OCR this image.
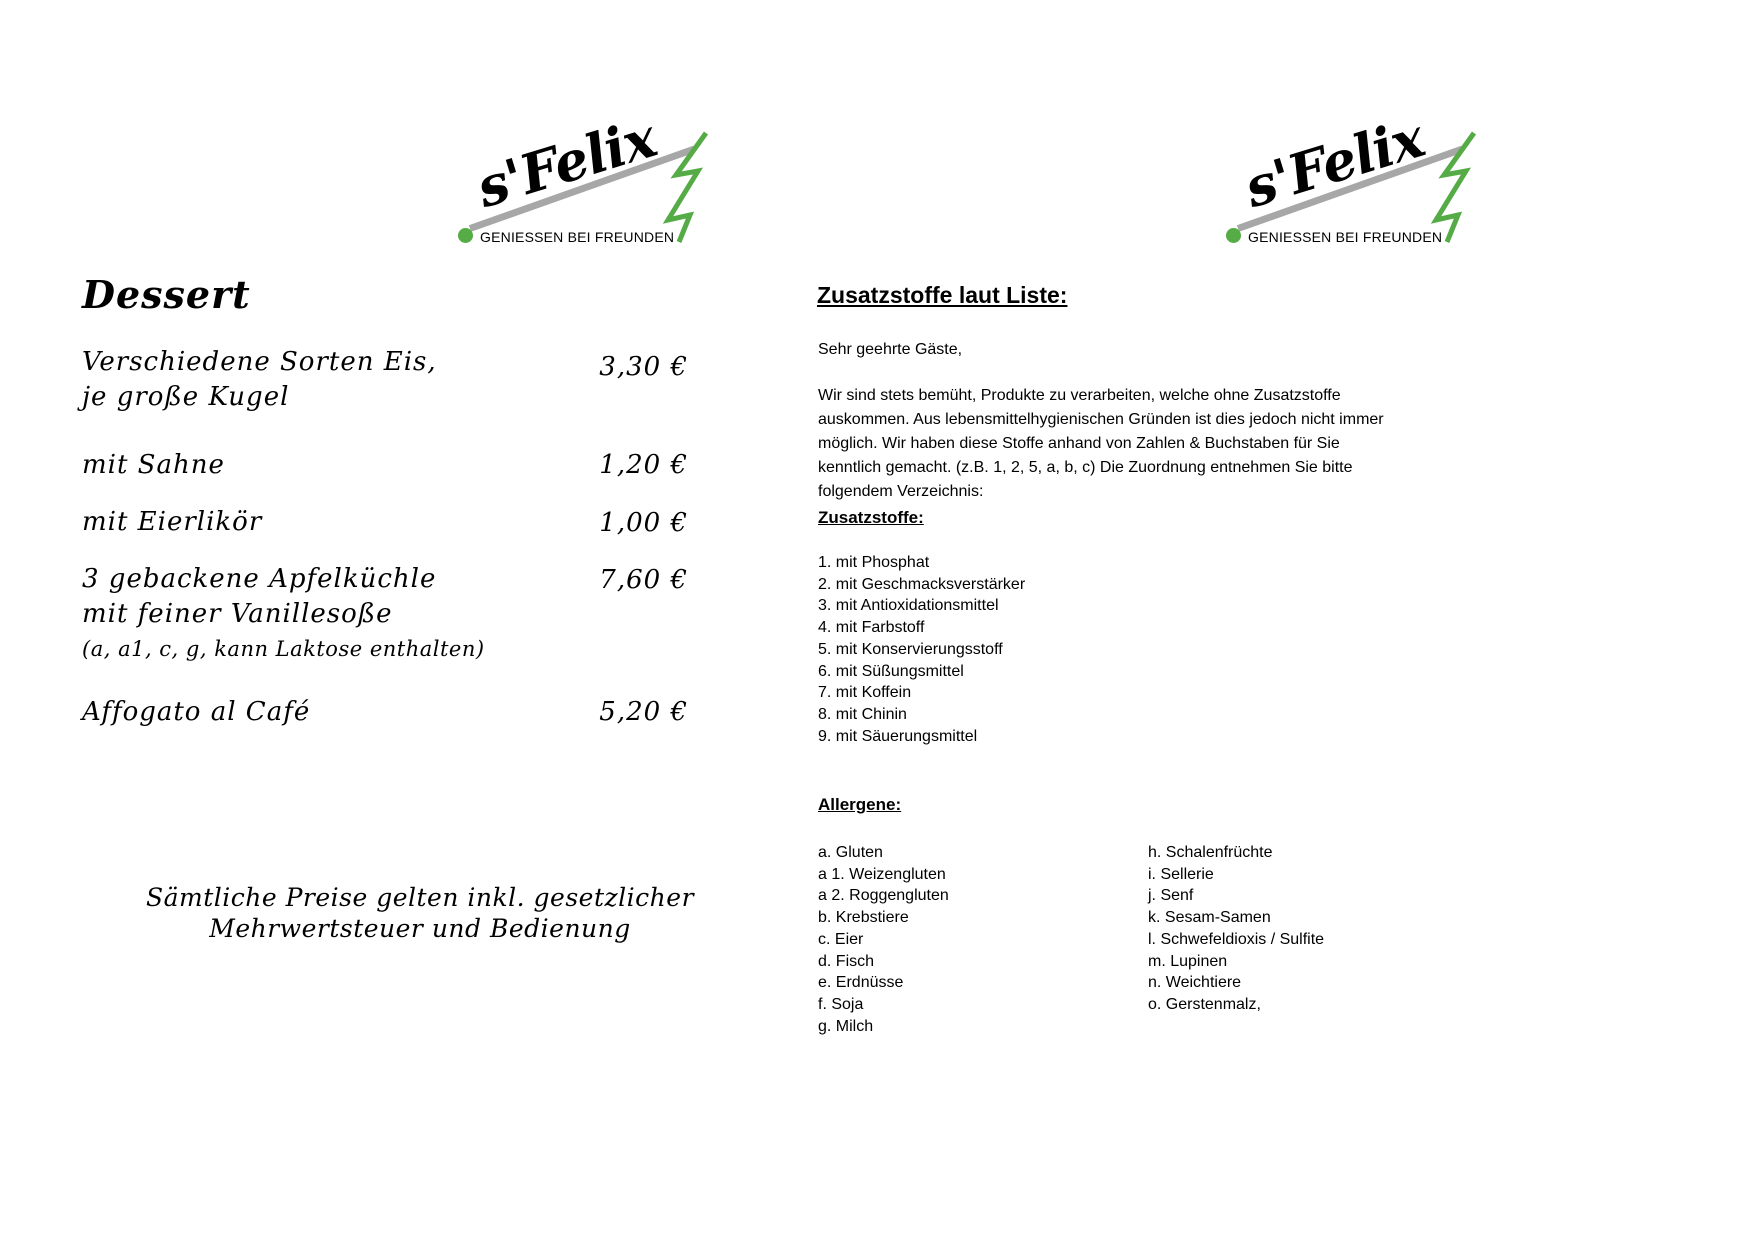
s'Felix
GENIESSEN BEI FREUNDEN
s'Felix
GENIESSEN BEI FREUNDEN
Dessert
Verschiedene Sorten Eis,
je große Kugel
3,30 €
mit Sahne	1,20 €
mit Eierlikör	1,00 €
3 gebackene Apfelküchle
mit feiner Vanillesoße
(a, a1, c, g, kann Laktose enthalten)
7,60 €
Affogato al Café	5,20 €
Sämtliche Preise gelten inkl. gesetzlicher
Mehrwertsteuer und Bedienung
Zusatzstoffe laut Liste:
Sehr geehrte Gäste,
Wir sind stets bemüht, Produkte zu verarbeiten, welche ohne Zusatzstoffe
auskommen. Aus lebensmittelhygienischen Gründen ist dies jedoch nicht immer
möglich. Wir haben diese Stoffe anhand von Zahlen & Buchstaben für Sie
kenntlich gemacht. (z.B. 1, 2, 5, a, b, c) Die Zuordnung entnehmen Sie bitte
folgendem Verzeichnis:
Zusatzstoffe:
1. mit Phosphat
2. mit Geschmacksverstärker
3. mit Antioxidationsmittel
4. mit Farbstoff
5. mit Konservierungsstoff
6. mit Süßungsmittel
7. mit Koffein
8. mit Chinin
9. mit Säuerungsmittel
Allergene:
a. Gluten
a 1. Weizengluten
a 2. Roggengluten
b. Krebstiere
c. Eier
d. Fisch
e. Erdnüsse
f. Soja
g. Milch
h. Schalenfrüchte
i. Sellerie
j. Senf
k. Sesam-Samen
l. Schwefeldioxis / Sulfite
m. Lupinen
n. Weichtiere
o. Gerstenmalz,
